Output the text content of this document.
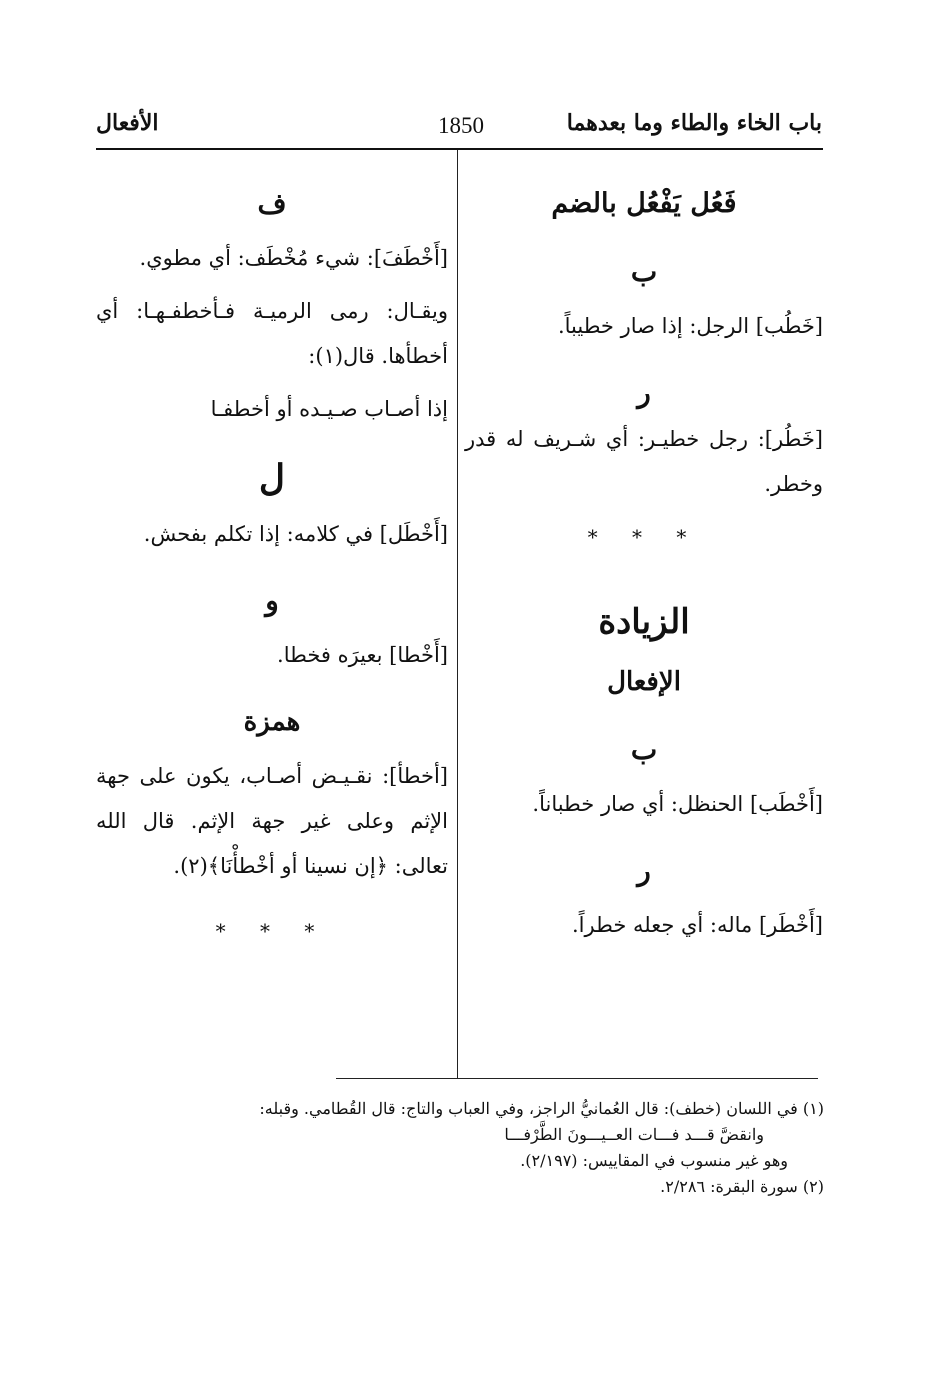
الأفعال	1850	باب الخاء والطاء وما بعدهما
فَعُل يَفْعُل بالضم
ب

[خَطُب] الرجل: إذا صار خطيباً.

ر

[خَطُر]: رجل خطيـر: أي شـريف له قدر وخطر.

* * *
الزيادة
الإفعال
ب

[أَخْطَب] الحنظل: أي صار خطباناً.

ر

[أَخْطَر] ماله: أي جعله خطراً.

ف

[أَخْطَفَ]: شيء مُخْطَف: أي مطوي.

ويقـال: رمى الرميـة فـأخطفـهـا: أي أخطأها. قال(١):

إذا أصـاب صـيـده أو أخطفـا
ل

[أَخْطَل] في كلامه: إذا تكلم بفحش.

و

[أَخْطا] بعيرَه فخطا.

همزة

[أخطأ]: نقـيـض أصـاب، يكون على جهة الإثم وعلى غير جهة الإثم. قال الله تعالى: ﴿إن نسينا أو أخْطأْنَا﴾(٢).

* * *
(١) في اللسان (خطف): قال العُمانيُّ الراجز، وفي العباب والتاج: قال القُطامي. وقبله:
وانقضَّ قـــد فـــات العــيـــونَ الطَّرْفـــا
وهو غير منسوب في المقاييس: (٢/١٩٧).
(٢) سورة البقرة: ٢/٢٨٦.
